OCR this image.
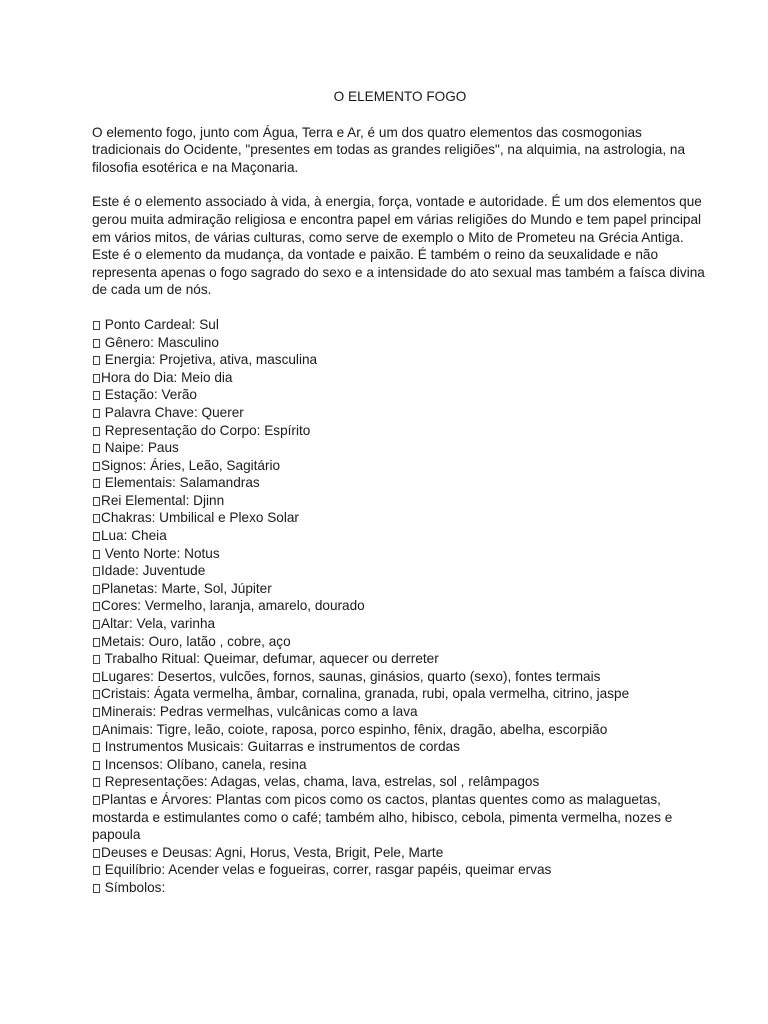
O ELEMENTO FOGO

O elemento fogo, junto com Água, Terra e Ar, é um dos quatro elementos das cosmogonias tradicionais do Ocidente, "presentes em todas as grandes religiões", na alquimia, na astrologia, na filosofia esotérica e na Maçonaria.

Este é o elemento associado à vida, à energia, força, vontade e autoridade. É um dos elementos que gerou muita admiração religiosa e encontra papel em várias religiões do Mundo e tem papel principal em vários mitos, de várias culturas, como serve de exemplo o Mito de Prometeu na Grécia Antiga. Este é o elemento da mudança, da vontade e paixão. É também o reino da seuxalidade e não representa apenas o fogo sagrado do sexo e a intensidade do ato sexual mas também a faísca divina de cada um de nós.

Ponto Cardeal: Sul
Gênero: Masculino
Energia: Projetiva, ativa, masculina
Hora do Dia: Meio dia
Estação: Verão
Palavra Chave: Querer
Representação do Corpo: Espírito
Naipe: Paus
Signos: Áries, Leão, Sagitário
Elementais: Salamandras
Rei Elemental: Djinn
Chakras: Umbilical e Plexo Solar
Lua: Cheia
Vento Norte: Notus
Idade: Juventude
Planetas: Marte, Sol, Júpiter
Cores: Vermelho, laranja, amarelo, dourado
Altar: Vela, varinha
Metais: Ouro, latão , cobre, aço
Trabalho Ritual: Queimar, defumar, aquecer ou derreter
Lugares: Desertos, vulcões, fornos, saunas, ginásios, quarto (sexo), fontes termais
Cristais: Ágata vermelha, âmbar, cornalina, granada, rubi, opala vermelha, citrino, jaspe
Minerais: Pedras vermelhas, vulcânicas como a lava
Animais: Tigre, leão, coiote, raposa, porco espinho, fênix, dragão, abelha, escorpião
Instrumentos Musicais: Guitarras e instrumentos de cordas
Incensos: Olíbano, canela, resina
Representações: Adagas, velas, chama, lava, estrelas, sol , relâmpagos
Plantas e Árvores: Plantas com picos como os cactos, plantas quentes como as malaguetas, mostarda e estimulantes como o café; também alho, hibisco, cebola, pimenta vermelha, nozes e papoula
Deuses e Deusas: Agni, Horus, Vesta, Brigit, Pele, Marte
Equilíbrio: Acender velas e fogueiras, correr, rasgar papéis, queimar ervas
Símbolos:
